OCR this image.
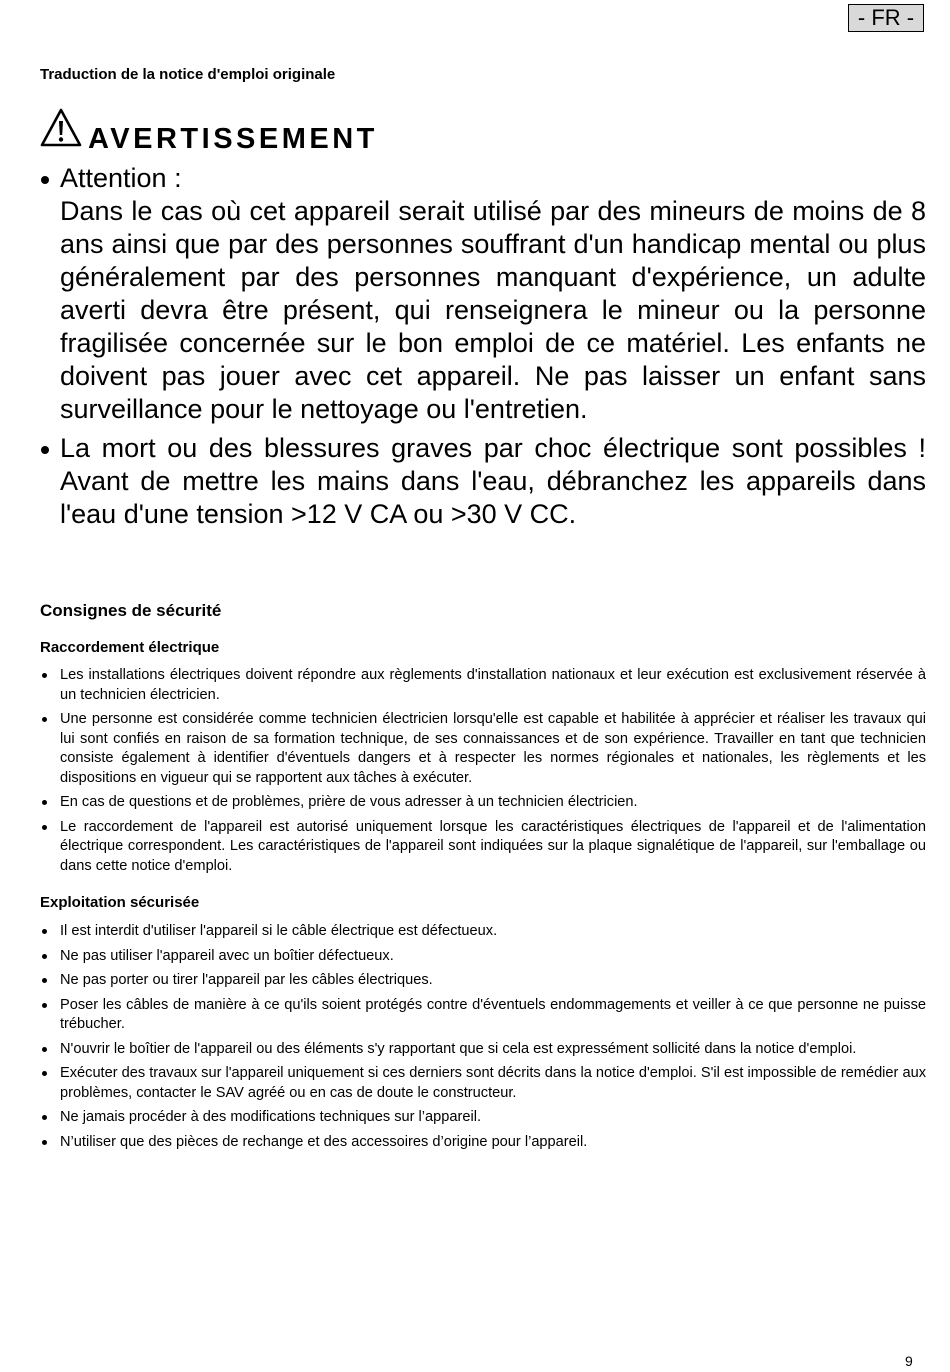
- FR -
Traduction de la notice d'emploi originale
AVERTISSEMENT
Attention :
Dans le cas où cet appareil serait utilisé par des mineurs de moins de 8 ans ainsi que par des personnes souffrant d'un handicap mental ou plus généralement par des personnes manquant d'expérience, un adulte averti devra être présent, qui renseignera le mineur ou la personne fragilisée concernée sur le bon emploi de ce matériel. Les enfants ne doivent pas jouer avec cet appareil. Ne pas laisser un enfant sans surveillance pour le nettoyage ou l'entretien.
La mort ou des blessures graves par choc électrique sont possibles ! Avant de mettre les mains dans l'eau, débranchez les appareils dans l'eau d'une tension >12 V CA ou >30 V CC.
Consignes de sécurité
Raccordement électrique
Les installations électriques doivent répondre aux règlements d'installation nationaux et leur exécution est exclusivement réservée à un technicien électricien.
Une personne est considérée comme technicien électricien lorsqu'elle est capable et habilitée à apprécier et réaliser les travaux qui lui sont confiés en raison de sa formation technique, de ses connaissances et de son expérience. Travailler en tant que technicien consiste également à identifier d'éventuels dangers et à respecter les normes régionales et nationales, les règlements et les dispositions en vigueur qui se rapportent aux tâches à exécuter.
En cas de questions et de problèmes, prière de vous adresser à un technicien électricien.
Le raccordement de l'appareil est autorisé uniquement lorsque les caractéristiques électriques de l'appareil et de l'alimentation électrique correspondent. Les caractéristiques de l'appareil sont indiquées sur la plaque signalétique de l'appareil, sur l'emballage ou dans cette notice d'emploi.
Exploitation sécurisée
Il est interdit d'utiliser l'appareil si le câble électrique est défectueux.
Ne pas utiliser l'appareil avec un boîtier défectueux.
Ne pas porter ou tirer l'appareil par les câbles électriques.
Poser les câbles de manière à ce qu'ils soient protégés contre d'éventuels endommagements et veiller à ce que personne ne puisse trébucher.
N'ouvrir le boîtier de l'appareil ou des éléments s'y rapportant que si cela est expressément sollicité dans la notice d'emploi.
Exécuter des travaux sur l'appareil uniquement si ces derniers sont décrits dans la notice d'emploi. S'il est impossible de remédier aux problèmes, contacter le SAV agréé ou en cas de doute le constructeur.
Ne jamais procéder à des modifications techniques sur l’appareil.
N’utiliser que des pièces de rechange et des accessoires d’origine pour l’appareil.
9
